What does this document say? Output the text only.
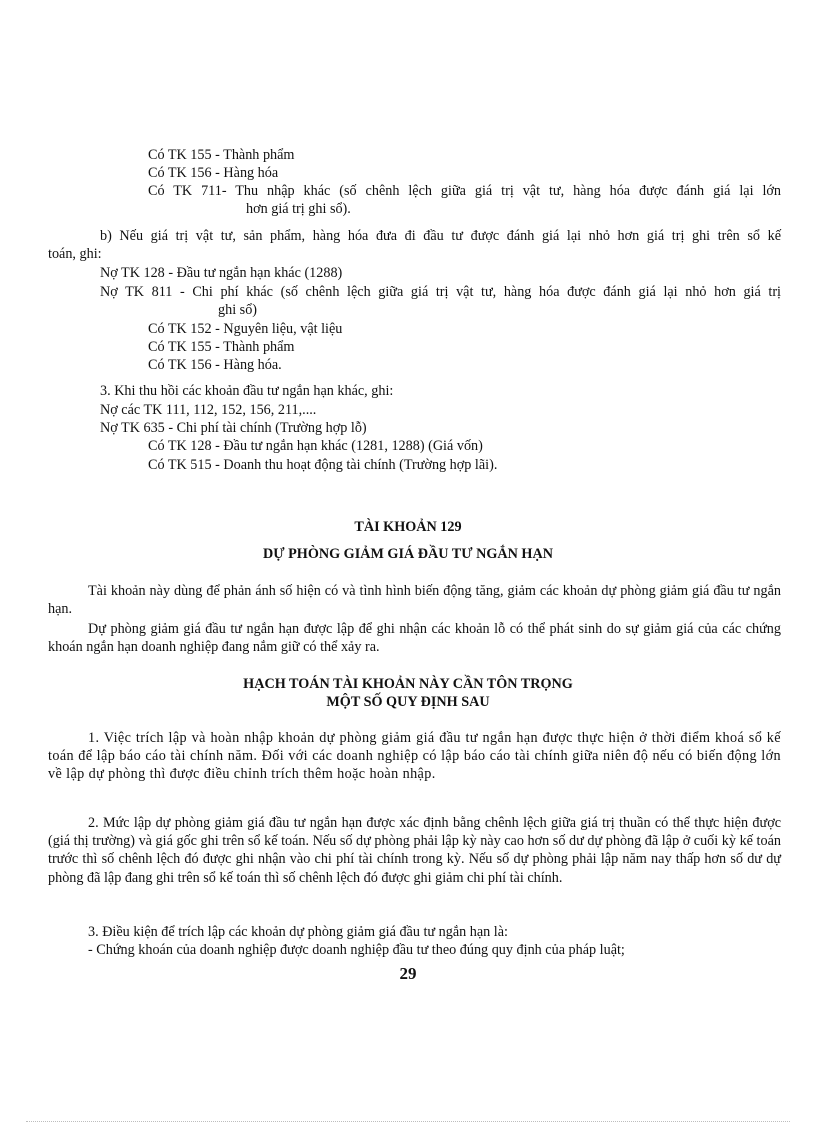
Có TK 155 - Thành phẩm
Có TK 156 - Hàng hóa
Có TK 711- Thu nhập khác (số chênh lệch giữa giá trị vật tư, hàng hóa được đánh giá lại lớn
hơn giá trị ghi sổ).
b) Nếu giá trị vật tư, sản phẩm, hàng hóa đưa đi đầu tư được đánh giá lại nhỏ hơn giá trị ghi trên sổ kế
toán, ghi:
Nợ TK 128 - Đầu tư ngắn hạn khác (1288)
Nợ TK 811 - Chi phí khác (số chênh lệch giữa giá trị vật tư, hàng hóa được đánh giá lại nhỏ hơn giá trị
ghi sổ)
Có TK 152 - Nguyên liệu, vật liệu
Có TK 155 - Thành phẩm
Có TK 156 - Hàng hóa.
3. Khi thu hồi các khoản đầu tư ngắn hạn khác, ghi:
Nợ các TK 111, 112, 152, 156, 211,....
Nợ TK 635 - Chi phí tài chính (Trường hợp lỗ)
Có TK 128 - Đầu tư ngắn hạn khác (1281, 1288) (Giá vốn)
Có TK 515 - Doanh thu hoạt động tài chính (Trường hợp lãi).
TÀI KHOẢN 129
DỰ PHÒNG GIẢM GIÁ ĐẦU TƯ NGẮN HẠN
Tài khoản này dùng để phản ánh số hiện có và tình hình biến động tăng, giảm các khoản dự phòng giảm giá đầu tư ngắn hạn.
Dự phòng giảm giá đầu tư ngắn hạn được lập để ghi nhận các khoản lỗ có thể phát sinh do sự giảm giá của các chứng khoán ngắn hạn doanh nghiệp đang nắm giữ có thể xảy ra.
HẠCH TOÁN TÀI KHOẢN NÀY CẦN TÔN TRỌNG
MỘT SỐ QUY ĐỊNH SAU
1. Việc trích lập và hoàn nhập khoản dự phòng giảm giá đầu tư ngắn hạn được thực hiện ở thời điểm khoá sổ kế toán để lập báo cáo tài chính năm. Đối với các doanh nghiệp có lập báo cáo tài chính giữa niên độ nếu có biến động lớn về lập dự phòng thì được điều chỉnh trích thêm hoặc hoàn nhập.
2. Mức lập dự phòng giảm giá đầu tư ngắn hạn được xác định bằng chênh lệch giữa giá trị thuần có thể thực hiện được (giá thị trường) và giá gốc ghi trên sổ kế toán. Nếu số dự phòng phải lập kỳ này cao hơn số dư dự phòng đã lập ở cuối kỳ kế toán trước thì số chênh lệch đó được ghi nhận vào chi phí tài chính trong kỳ. Nếu số dự phòng phải lập năm nay thấp hơn số dư dự phòng đã lập đang ghi trên sổ kế toán thì số chênh lệch đó được ghi giảm chi phí tài chính.
3. Điều kiện để trích lập các khoản dự phòng giảm giá đầu tư ngắn hạn là:
- Chứng khoán của doanh nghiệp được doanh nghiệp đầu tư theo đúng quy định của pháp luật;
29
